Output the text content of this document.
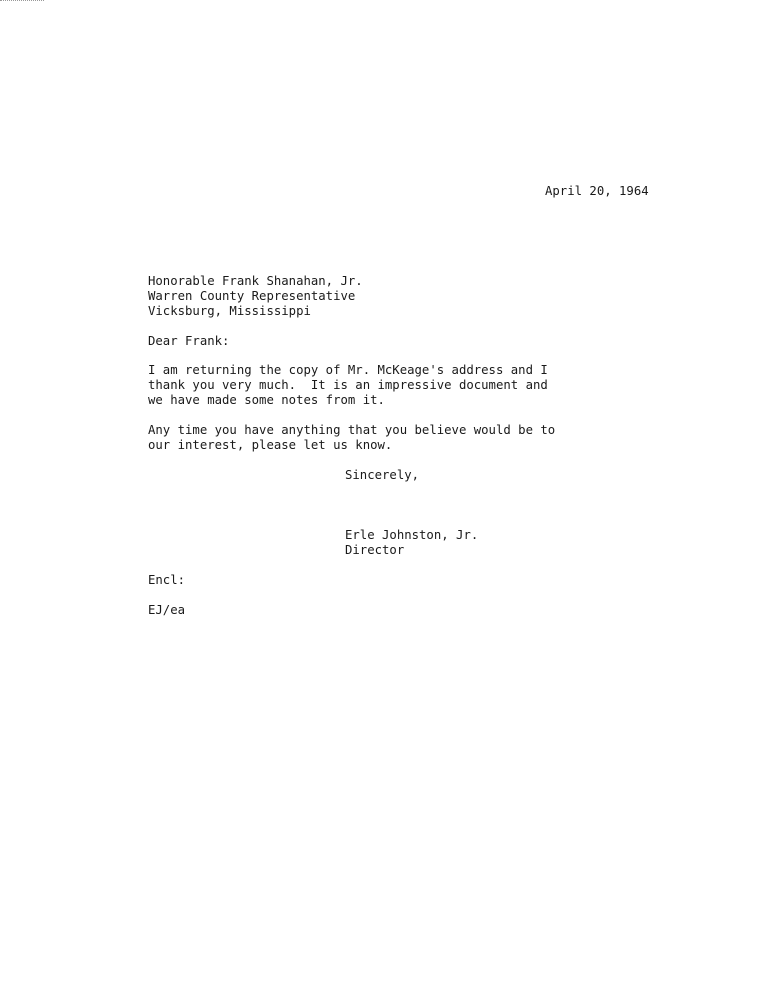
April 20, 1964

Honorable Frank Shanahan, Jr.

Warren County Representative

Vicksburg, Mississippi

Dear Frank:

I am returning the copy of Mr. McKeage's address and I

thank you very much.  It is an impressive document and

we have made some notes from it.

Any time you have anything that you believe would be to

our interest, please let us know.

Sincerely,

Erle Johnston, Jr.

Director

Encl:

EJ/ea
